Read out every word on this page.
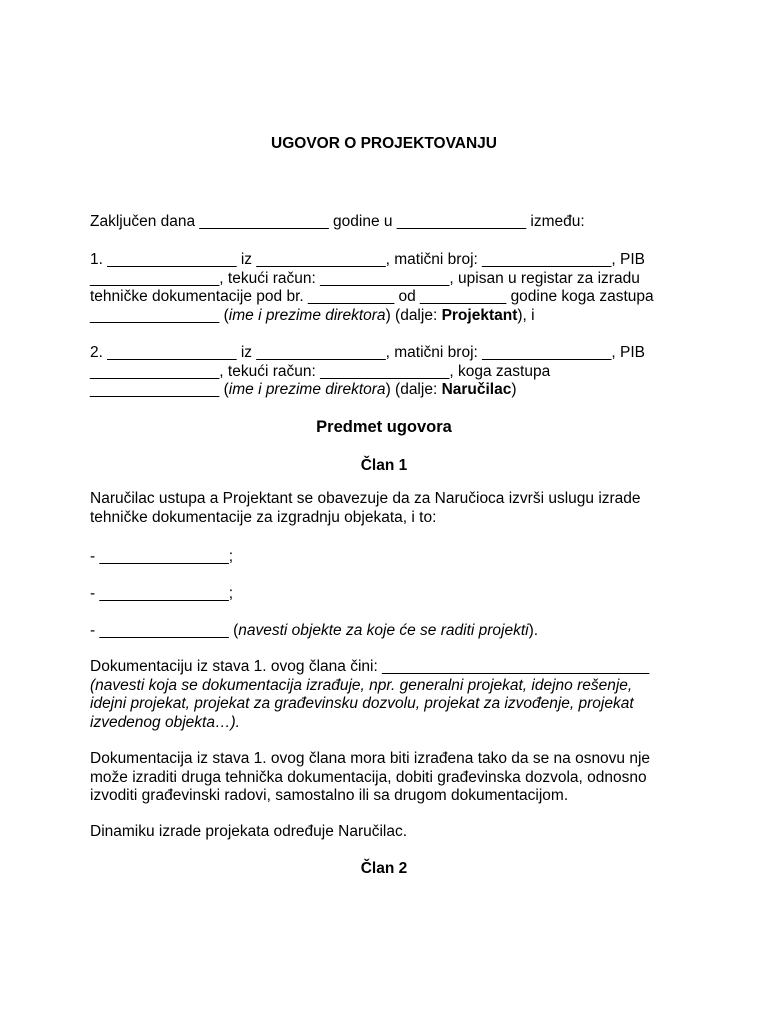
UGOVOR O PROJEKTOVANJU
Zaključen dana _______________ godine u _______________ između:
1. _______________ iz _______________, matični broj: _______________, PIB
_______________, tekući račun: _______________, upisan u registar za izradu
tehničke dokumentacije pod br. __________ od __________ godine koga zastupa
_______________ (ime i prezime direktora) (dalje: Projektant), i
2. _______________ iz _______________, matični broj: _______________, PIB
_______________, tekući račun: _______________, koga zastupa
_______________ (ime i prezime direktora) (dalje: Naručilac)
Predmet ugovora
Član 1
Naručilac ustupa a Projektant se obavezuje da za Naručioca izvrši uslugu izrade
tehničke dokumentacije za izgradnju objekata, i to:
- _______________;
- _______________;
- _______________ (navesti objekte za koje će se raditi projekti).
Dokumentaciju iz stava 1. ovog člana čini: _______________________________
(navesti koja se dokumentacija izrađuje, npr. generalni projekat, idejno rešenje,
idejni projekat, projekat za građevinsku dozvolu, projekat za izvođenje, projekat
izvedenog objekta…).
Dokumentacija iz stava 1. ovog člana mora biti izrađena tako da se na osnovu nje
može izraditi druga tehnička dokumentacija, dobiti građevinska dozvola, odnosno
izvoditi građevinski radovi, samostalno ili sa drugom dokumentacijom.
Dinamiku izrade projekata određuje Naručilac.
Član 2
